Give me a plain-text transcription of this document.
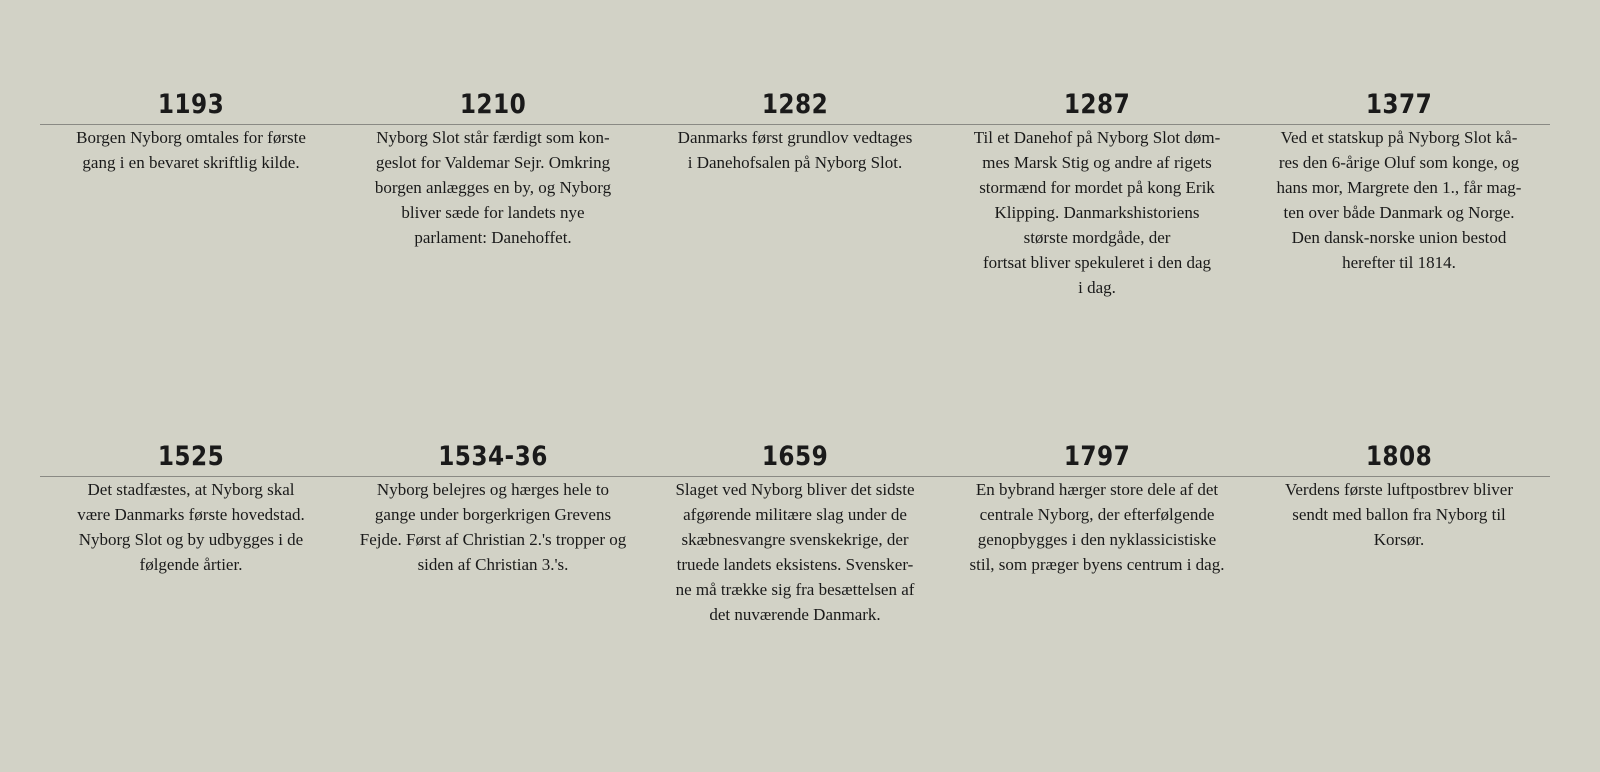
1193
Borgen Nyborg omtales for første
gang i en bevaret skriftlig kilde.
1210
Nyborg Slot står færdigt som kon-
geslot for Valdemar Sejr. Omkring
borgen anlægges en by, og Nyborg
bliver sæde for landets nye
parlament: Danehoffet.
1282
Danmarks først grundlov vedtages
i Danehofsalen på Nyborg Slot.
1287
Til et Danehof på Nyborg Slot døm-
mes Marsk Stig og andre af rigets
stormænd for mordet på kong Erik
Klipping. Danmarkshistoriens
største mordgåde, der
fortsat bliver spekuleret i den dag
i dag.
1377
Ved et statskup på Nyborg Slot kå-
res den 6-årige Oluf som konge, og
hans mor, Margrete den 1., får mag-
ten over både Danmark og Norge.
Den dansk-norske union bestod
herefter til 1814.
1525
Det stadfæstes, at Nyborg skal
være Danmarks første hovedstad.
Nyborg Slot og by udbygges i de
følgende årtier.
1534-36
Nyborg belejres og hærges hele to
gange under borgerkrigen Grevens
Fejde. Først af Christian 2.'s tropper og
siden af Christian 3.'s.
1659
Slaget ved Nyborg bliver det sidste
afgørende militære slag under de
skæbnesvangre svenskekrige, der
truede landets eksistens. Svensker-
ne må trække sig fra besættelsen af
det nuværende Danmark.
1797
En bybrand hærger store dele af det
centrale Nyborg, der efterfølgende
genopbygges i den nyklassicistiske
stil, som præger byens centrum i dag.
1808
Verdens første luftpostbrev bliver
sendt med ballon fra Nyborg til
Korsør.
